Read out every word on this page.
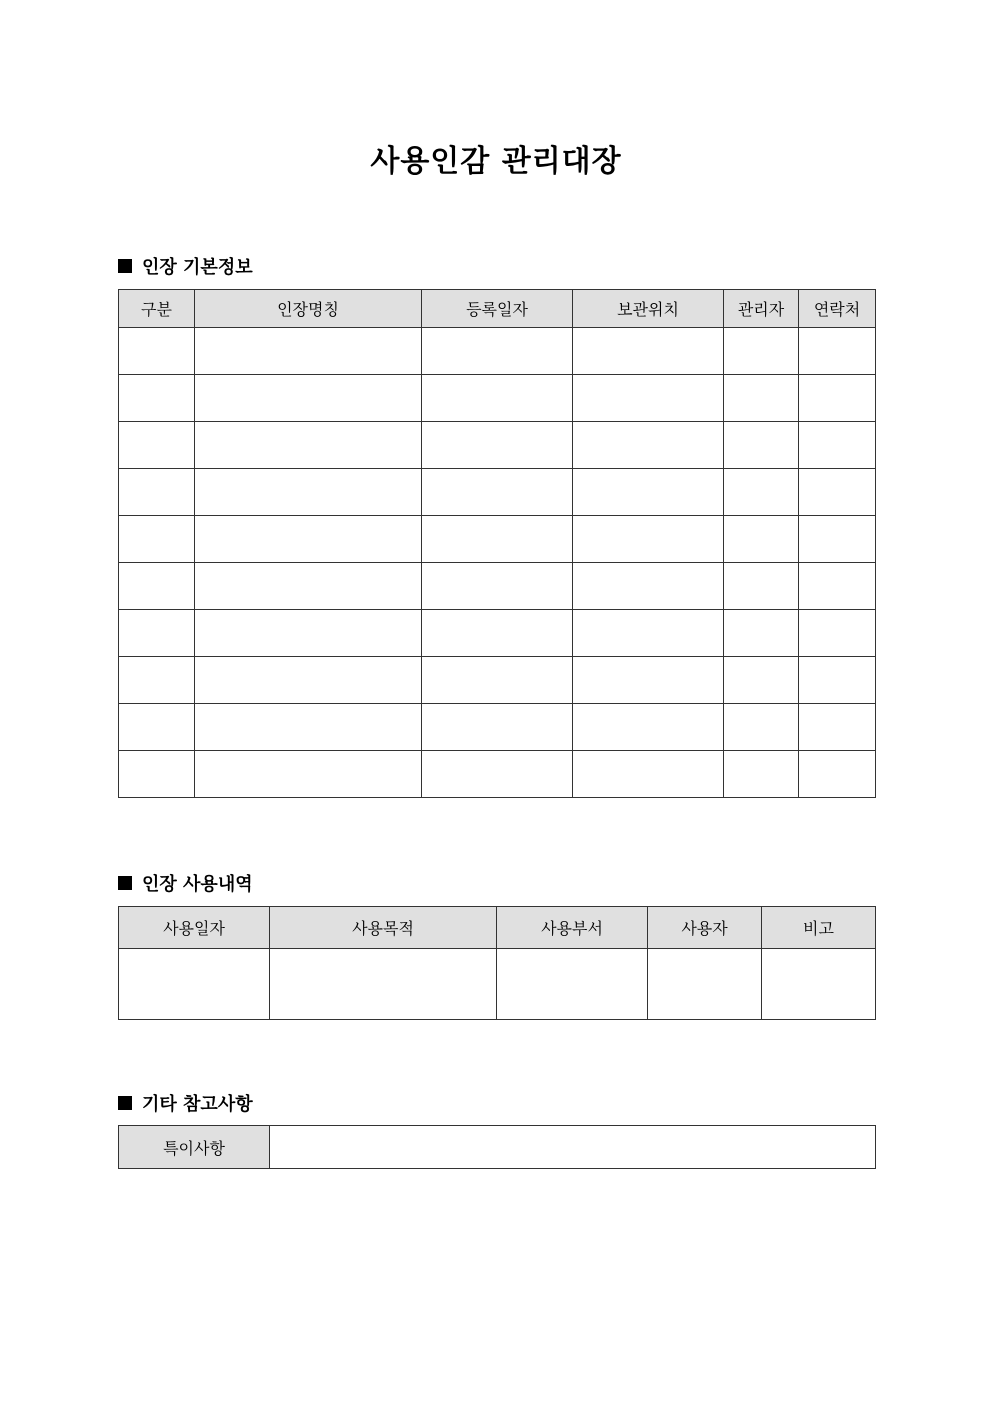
사용인감 관리대장
인장 기본정보
구분	인장명칭	등록일자	보관위치	관리자	연락처

인장 사용내역
사용일자	사용목적	사용부서	사용자	비고

기타 참고사항
특이사항	
